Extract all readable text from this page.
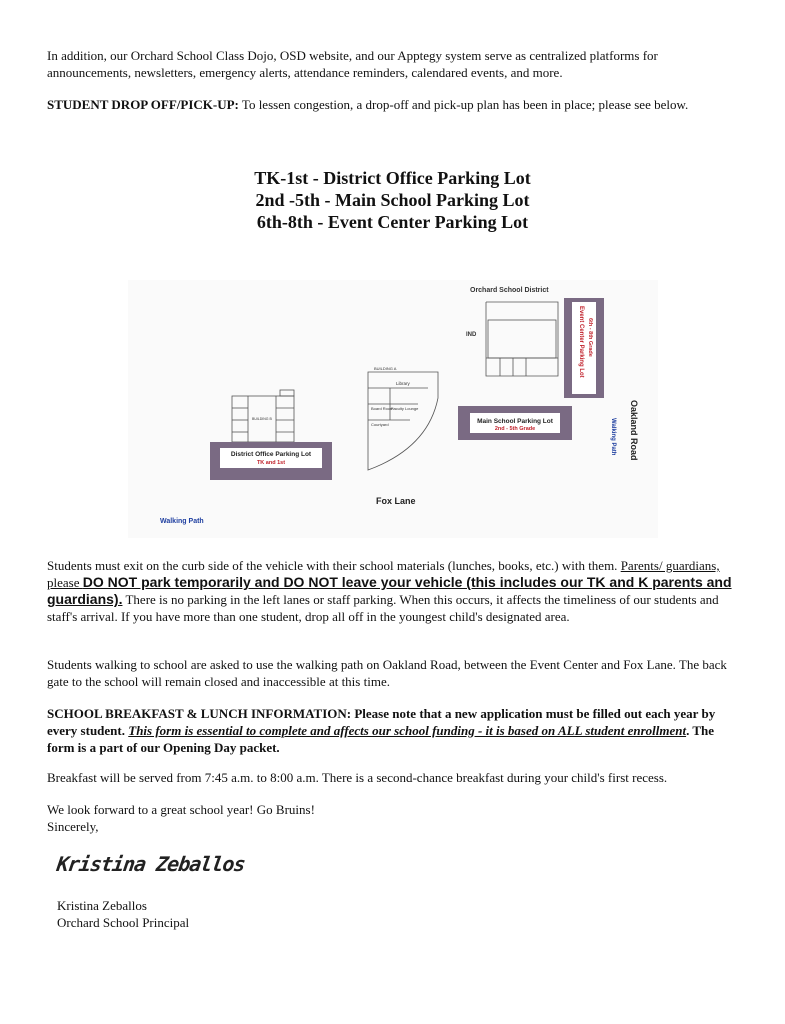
In addition, our Orchard School Class Dojo, OSD website, and our Apptegy system serve as centralized platforms for announcements, newsletters, emergency alerts, attendance reminders, calendared events, and more.

STUDENT DROP OFF/PICK-UP: To lessen congestion, a drop-off and pick-up plan has been in place; please see below.

TK-1st - District Office Parking Lot

2nd -5th - Main School Parking Lot

6th-8th - Event Center Parking Lot

Orchard School District
IND	Event Center Parking Lot 6th - 8th Grade
Oakland Road
Walking Path
Main School Parking Lot
2nd - 5th Grade
BUILDING A
Library
Board Room
Faculty Lounge
Courtyard
BUILDING B
District Office Parking Lot
TK and 1st
Fox Lane
Walking Path

Students must exit on the curb side of the vehicle with their school materials (lunches, books, etc.) with them. Parents/ guardians, please DO NOT park temporarily and DO NOT leave your vehicle (this includes our TK and K parents and guardians). There is no parking in the left lanes or staff parking. When this occurs, it affects the timeliness of our students and staff's arrival. If you have more than one student, drop all off in the youngest child's designated area.

Students walking to school are asked to use the walking path on Oakland Road, between the Event Center and Fox Lane. The back gate to the school will remain closed and inaccessible at this time.

SCHOOL BREAKFAST & LUNCH INFORMATION: Please note that a new application must be filled out each year by every student. This form is essential to complete and affects our school funding - it is based on ALL student enrollment. The form is a part of our Opening Day packet.

Breakfast will be served from 7:45 a.m. to 8:00 a.m. There is a second-chance breakfast during your child's first recess.

We look forward to a great school year! Go Bruins!

Sincerely,

Kristina Zeballos

Kristina Zeballos

Orchard School Principal
